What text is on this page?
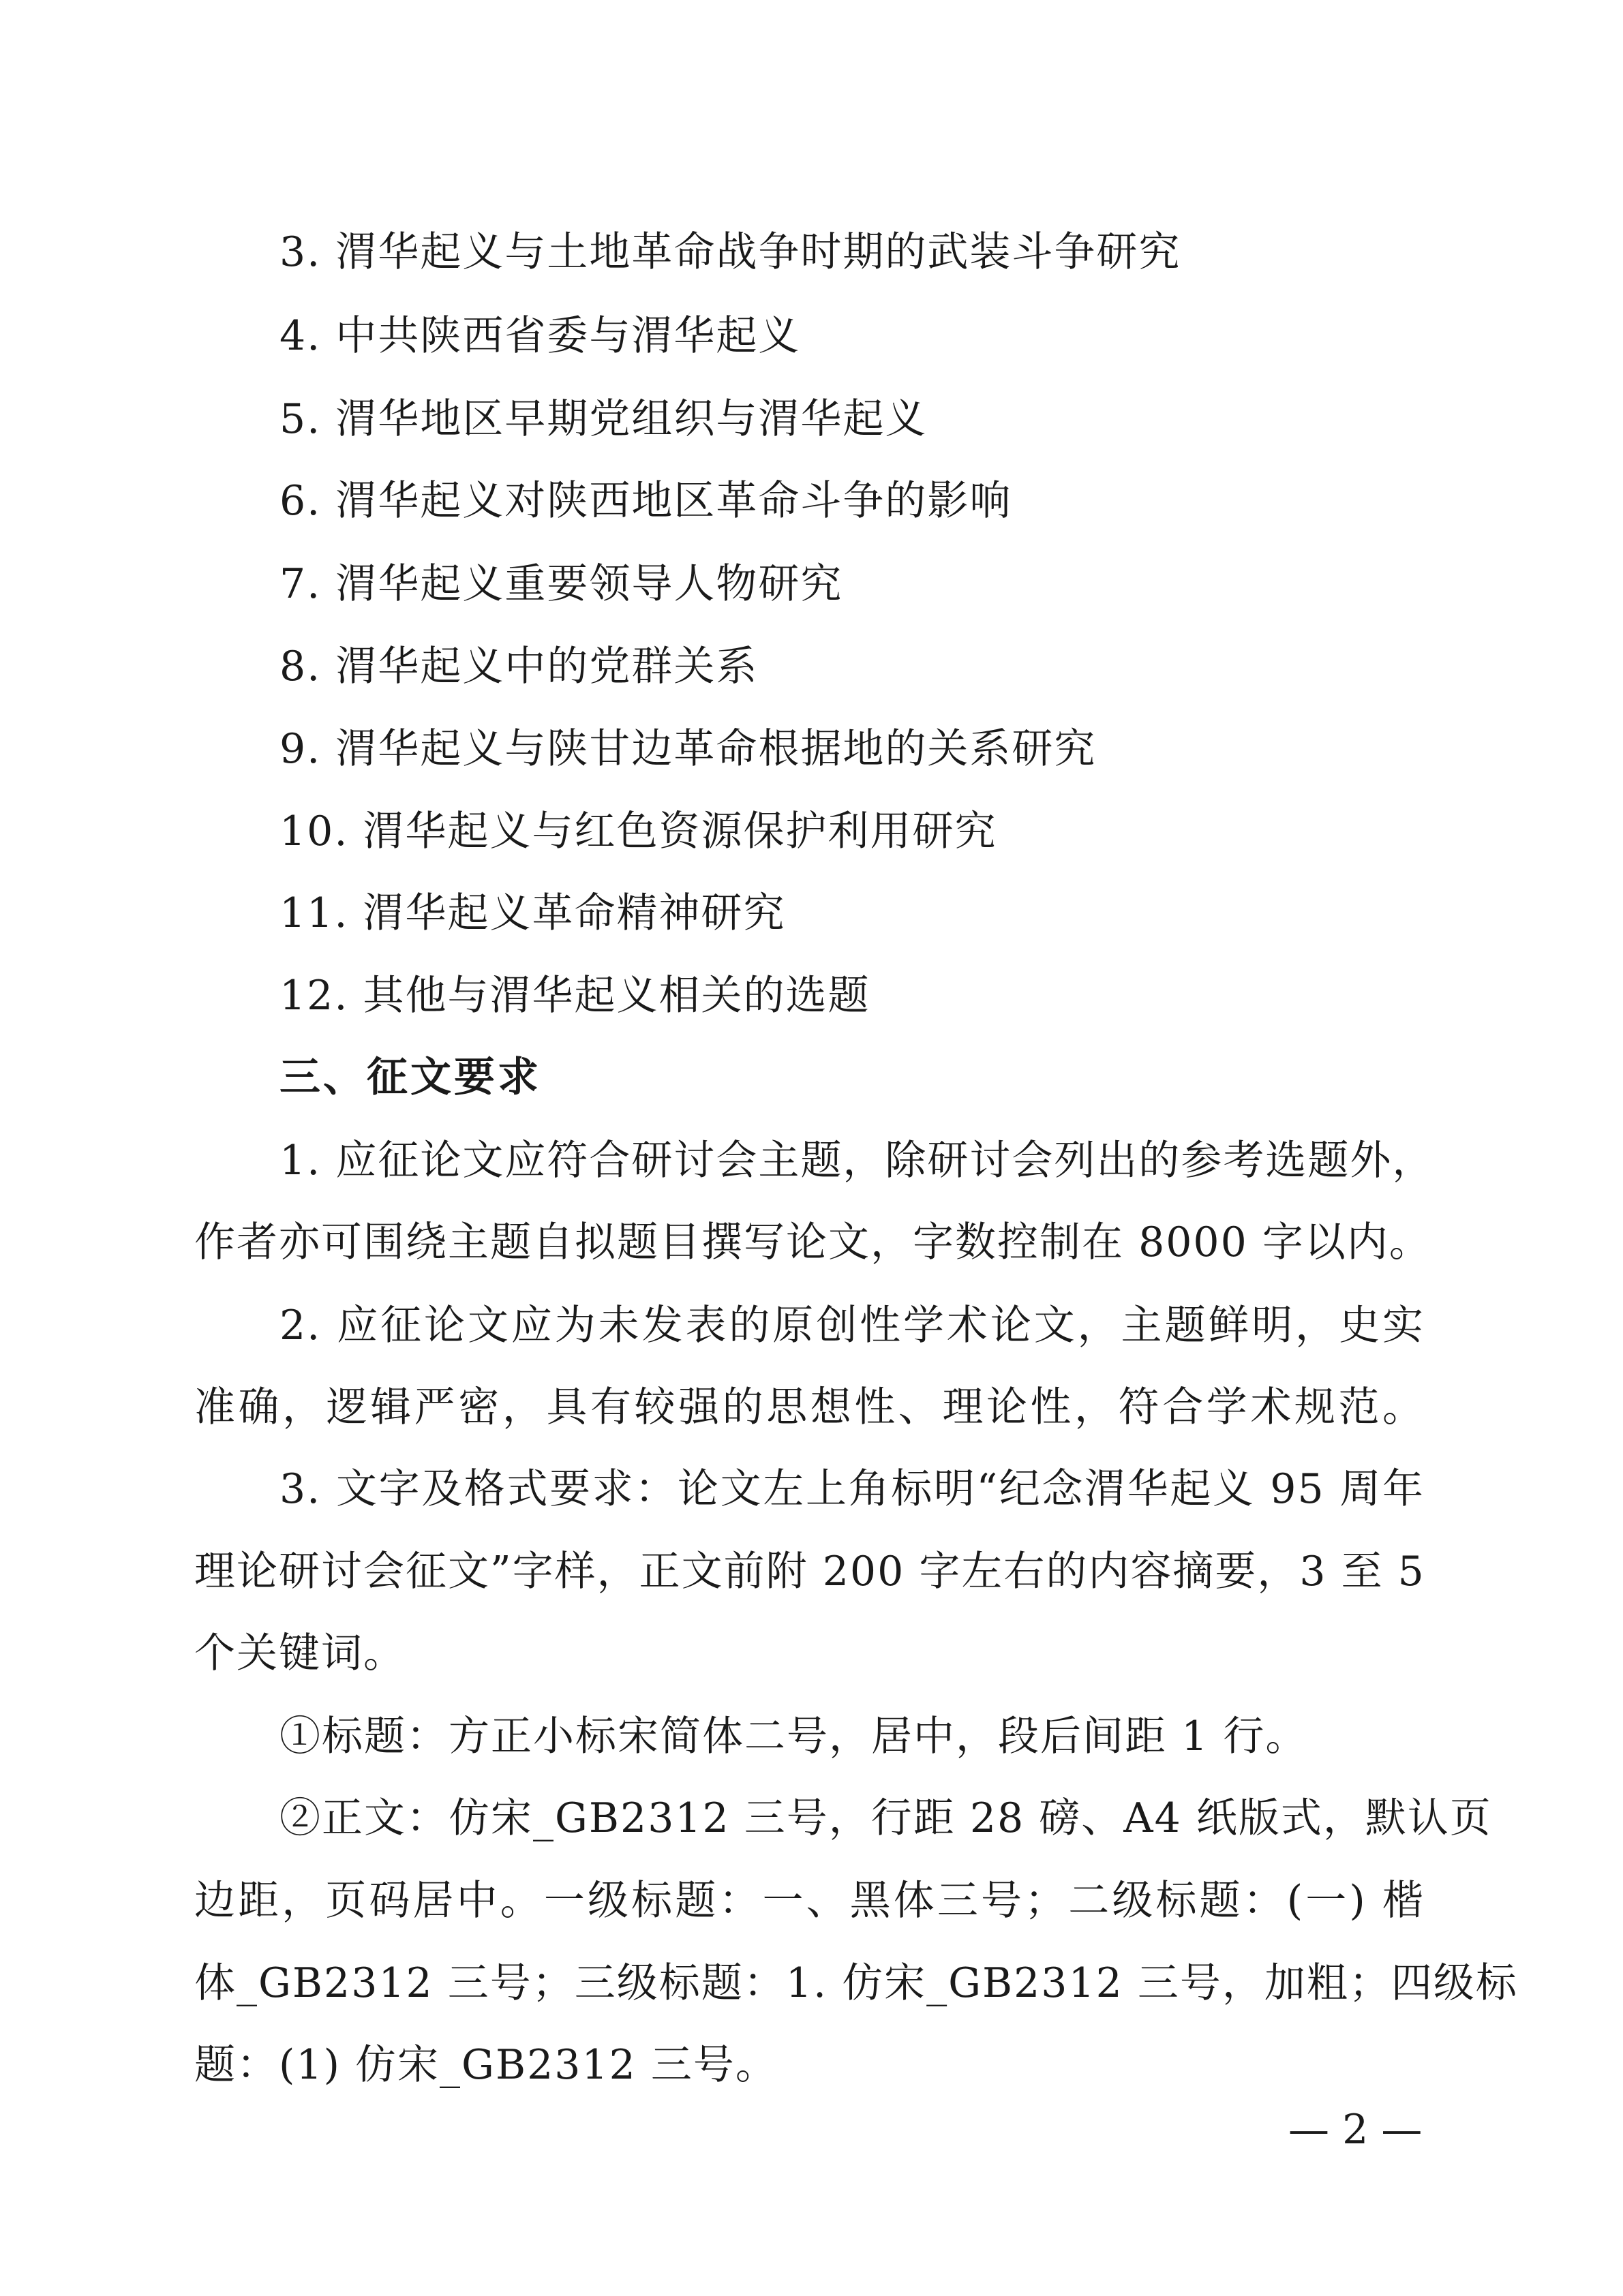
3. 渭华起义与土地革命战争时期的武装斗争研究
4. 中共陕西省委与渭华起义
5. 渭华地区早期党组织与渭华起义
6. 渭华起义对陕西地区革命斗争的影响
7. 渭华起义重要领导人物研究
8. 渭华起义中的党群关系
9. 渭华起义与陕甘边革命根据地的关系研究
10. 渭华起义与红色资源保护利用研究
11. 渭华起义革命精神研究
12. 其他与渭华起义相关的选题
三、征文要求
1. 应征论文应符合研讨会主题，除研讨会列出的参考选题外，
作者亦可围绕主题自拟题目撰写论文，字数控制在 8000 字以内。
2. 应征论文应为未发表的原创性学术论文，主题鲜明，史实
准确，逻辑严密，具有较强的思想性、理论性，符合学术规范。
3. 文字及格式要求：论文左上角标明“纪念渭华起义 95 周年
理论研讨会征文”字样，正文前附 200 字左右的内容摘要，3 至 5
个关键词。
①标题：方正小标宋简体二号，居中，段后间距 1 行。
②正文：仿宋_GB2312 三号，行距 28 磅、A4 纸版式，默认页
边距，页码居中。一级标题：一、黑体三号；二级标题：(一) 楷
体_GB2312 三号；三级标题：1. 仿宋_GB2312 三号，加粗；四级标
题：(1) 仿宋_GB2312 三号。
— 2 —
